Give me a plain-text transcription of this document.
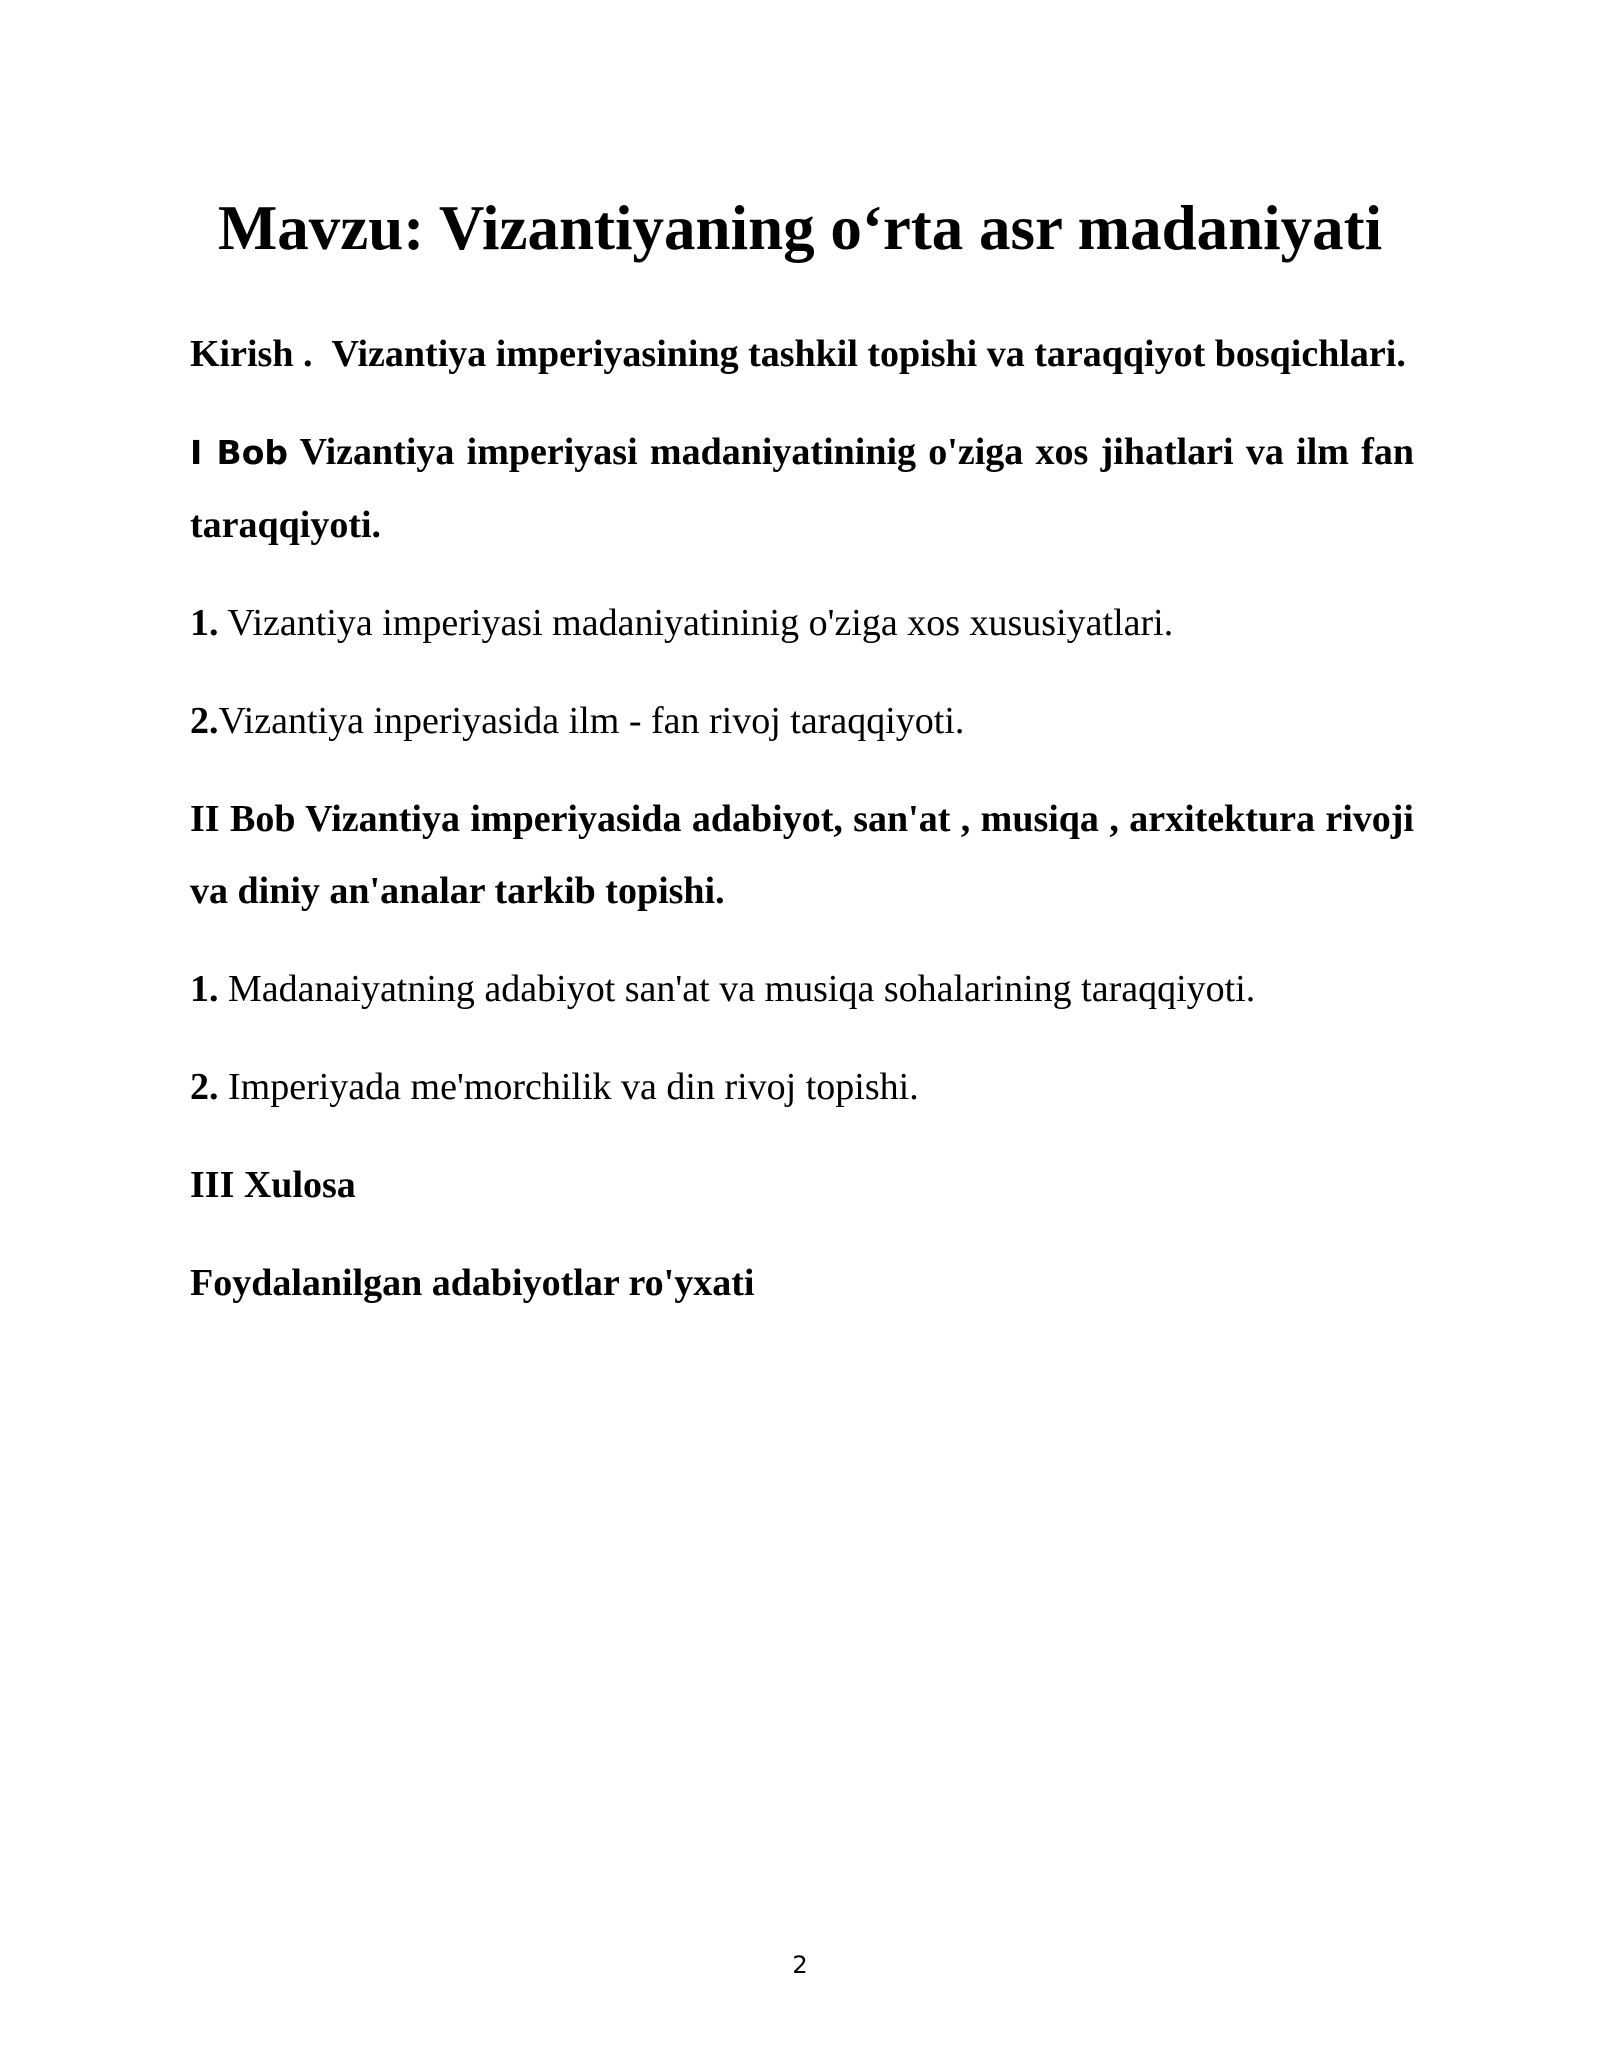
Mavzu: Vizantiyaning o‘rta asr madaniyati

Kirish . Vizantiya imperiyasining tashkil topishi va taraqqiyot bosqichlari.

I Bob Vizantiya imperiyasi madaniyatininig o'ziga xos jihatlari va ilm fan taraqqiyoti.

1. Vizantiya imperiyasi madaniyatininig o'ziga xos xususiyatlari.

2.Vizantiya inperiyasida ilm - fan rivoj taraqqiyoti.

II Bob Vizantiya imperiyasida adabiyot, san'at , musiqa , arxitektura rivoji va diniy an'analar tarkib topishi.

1. Madanaiyatning adabiyot san'at va musiqa sohalarining taraqqiyoti.

2. Imperiyada me'morchilik va din rivoj topishi.

III Xulosa

Foydalanilgan adabiyotlar ro'yxati

2
